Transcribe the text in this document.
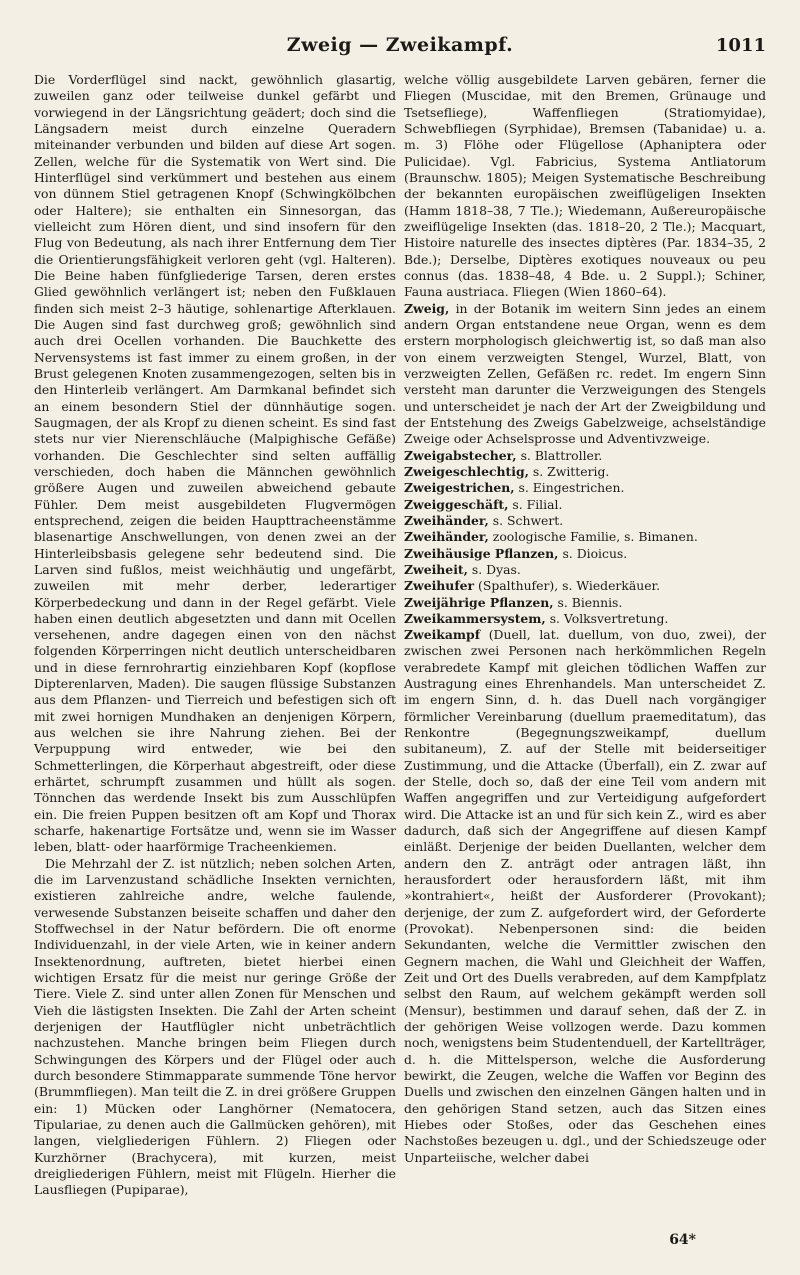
Zweig — Zweikampf.	1011

Die Vorderflügel sind nackt, gewöhnlich glasartig, zuweilen ganz oder teilweise dunkel gefärbt und vorwiegend in der Längsrichtung geädert; doch sind die Längsadern meist durch einzelne Queradern miteinander verbunden und bilden auf diese Art sogen. Zellen, welche für die Systematik von Wert sind. Die Hinterflügel sind verkümmert und bestehen aus einem von dünnem Stiel getragenen Knopf (Schwingkölbchen oder Haltere); sie enthalten ein Sinnesorgan, das vielleicht zum Hören dient, und sind insofern für den Flug von Bedeutung, als nach ihrer Entfernung dem Tier die Orientierungsfähigkeit verloren geht (vgl. Halteren). Die Beine haben fünfgliederige Tarsen, deren erstes Glied gewöhnlich verlängert ist; neben den Fußklauen finden sich meist 2–3 häutige, sohlenartige Afterklauen. Die Augen sind fast durchweg groß; gewöhnlich sind auch drei Ocellen vorhanden. Die Bauchkette des Nervensystems ist fast immer zu einem großen, in der Brust gelegenen Knoten zusammengezogen, selten bis in den Hinterleib verlängert. Am Darmkanal befindet sich an einem besondern Stiel der dünnhäutige sogen. Saugmagen, der als Kropf zu dienen scheint. Es sind fast stets nur vier Nierenschläuche (Malpighische Gefäße) vorhanden. Die Geschlechter sind selten auffällig verschieden, doch haben die Männchen gewöhnlich größere Augen und zuweilen abweichend gebaute Fühler. Dem meist ausgebildeten Flugvermögen entsprechend, zeigen die beiden Haupttracheenstämme blasenartige Anschwellungen, von denen zwei an der Hinterleibsbasis gelegene sehr bedeutend sind. Die Larven sind fußlos, meist weichhäutig und ungefärbt, zuweilen mit mehr derber, lederartiger Körperbedeckung und dann in der Regel gefärbt. Viele haben einen deutlich abgesetzten und dann mit Ocellen versehenen, andre dagegen einen von den nächst folgenden Körperringen nicht deutlich unterscheidbaren und in diese fernrohrartig einziehbaren Kopf (kopflose Dipterenlarven, Maden). Die saugen flüssige Substanzen aus dem Pflanzen- und Tierreich und befestigen sich oft mit zwei hornigen Mundhaken an denjenigen Körpern, aus welchen sie ihre Nahrung ziehen. Bei der Verpuppung wird entweder, wie bei den Schmetterlingen, die Körperhaut abgestreift, oder diese erhärtet, schrumpft zusammen und hüllt als sogen. Tönnchen das werdende Insekt bis zum Ausschlüpfen ein. Die freien Puppen besitzen oft am Kopf und Thorax scharfe, hakenartige Fortsätze und, wenn sie im Wasser leben, blatt- oder haarförmige Tracheenkiemen.

Die Mehrzahl der Z. ist nützlich; neben solchen Arten, die im Larvenzustand schädliche Insekten vernichten, existieren zahlreiche andre, welche faulende, verwesende Substanzen beiseite schaffen und daher den Stoffwechsel in der Natur befördern. Die oft enorme Individuenzahl, in der viele Arten, wie in keiner andern Insektenordnung, auftreten, bietet hierbei einen wichtigen Ersatz für die meist nur geringe Größe der Tiere. Viele Z. sind unter allen Zonen für Menschen und Vieh die lästigsten Insekten. Die Zahl der Arten scheint derjenigen der Hautflügler nicht unbeträchtlich nachzustehen. Manche bringen beim Fliegen durch Schwingungen des Körpers und der Flügel oder auch durch besondere Stimmapparate summende Töne hervor (Brummfliegen). Man teilt die Z. in drei größere Gruppen ein: 1) Mücken oder Langhörner (Nematocera, Tipulariae, zu denen auch die Gallmücken gehören), mit langen, vielgliederigen Fühlern. 2) Fliegen oder Kurzhörner (Brachycera), mit kurzen, meist dreigliederigen Fühlern, meist mit Flügeln. Hierher die Lausfliegen (Pupiparae),

welche völlig ausgebildete Larven gebären, ferner die Fliegen (Muscidae, mit den Bremen, Grünauge und Tsetsefliege), Waffenfliegen (Stratiomyidae), Schwebfliegen (Syrphidae), Bremsen (Tabanidae) u. a. m. 3) Flöhe oder Flügellose (Aphaniptera oder Pulicidae). Vgl. Fabricius, Systema Antliatorum (Braunschw. 1805); Meigen Systematische Beschreibung der bekannten europäischen zweiflügeligen Insekten (Hamm 1818–38, 7 Tle.); Wiedemann, Außereuropäische zweiflügelige Insekten (das. 1818–20, 2 Tle.); Macquart, Histoire naturelle des insectes diptères (Par. 1834–35, 2 Bde.); Derselbe, Diptères exotiques nouveaux ou peu connus (das. 1838–48, 4 Bde. u. 2 Suppl.); Schiner, Fauna austriaca. Fliegen (Wien 1860–64).

Zweig, in der Botanik im weitern Sinn jedes an einem andern Organ entstandene neue Organ, wenn es dem erstern morphologisch gleichwertig ist, so daß man also von einem verzweigten Stengel, Wurzel, Blatt, von verzweigten Zellen, Gefäßen rc. redet. Im engern Sinn versteht man darunter die Verzweigungen des Stengels und unterscheidet je nach der Art der Zweigbildung und der Entstehung des Zweigs Gabelzweige, achselständige Zweige oder Achselsprosse und Adventivzweige.

Zweigabstecher, s. Blattroller.

Zweigeschlechtig, s. Zwitterig.

Zweigestrichen, s. Eingestrichen.

Zweiggeschäft, s. Filial.

Zweihänder, s. Schwert.

Zweihänder, zoologische Familie, s. Bimanen.

Zweihäusige Pflanzen, s. Dioicus.

Zweiheit, s. Dyas.

Zweihufer (Spalthufer), s. Wiederkäuer.

Zweijährige Pflanzen, s. Biennis.

Zweikammersystem, s. Volksvertretung.

Zweikampf (Duell, lat. duellum, von duo, zwei), der zwischen zwei Personen nach herkömmlichen Regeln verabredete Kampf mit gleichen tödlichen Waffen zur Austragung eines Ehrenhandels. Man unterscheidet Z. im engern Sinn, d. h. das Duell nach vorgängiger förmlicher Vereinbarung (duellum praemeditatum), das Renkontre (Begegnungszweikampf, duellum subitaneum), Z. auf der Stelle mit beiderseitiger Zustimmung, und die Attacke (Überfall), ein Z. zwar auf der Stelle, doch so, daß der eine Teil vom andern mit Waffen angegriffen und zur Verteidigung aufgefordert wird. Die Attacke ist an und für sich kein Z., wird es aber dadurch, daß sich der Angegriffene auf diesen Kampf einläßt. Derjenige der beiden Duellanten, welcher dem andern den Z. anträgt oder antragen läßt, ihn herausfordert oder herausfordern läßt, mit ihm »kontrahiert«, heißt der Ausforderer (Provokant); derjenige, der zum Z. aufgefordert wird, der Geforderte (Provokat). Nebenpersonen sind: die beiden Sekundanten, welche die Vermittler zwischen den Gegnern machen, die Wahl und Gleichheit der Waffen, Zeit und Ort des Duells verabreden, auf dem Kampfplatz selbst den Raum, auf welchem gekämpft werden soll (Mensur), bestimmen und darauf sehen, daß der Z. in der gehörigen Weise vollzogen werde. Dazu kommen noch, wenigstens beim Studentenduell, der Kartellträger, d. h. die Mittelsperson, welche die Ausforderung bewirkt, die Zeugen, welche die Waffen vor Beginn des Duells und zwischen den einzelnen Gängen halten und in den gehörigen Stand setzen, auch das Sitzen eines Hiebes oder Stoßes, oder das Geschehen eines Nachstoßes bezeugen u. dgl., und der Schiedszeuge oder Unparteiische, welcher dabei

64*
